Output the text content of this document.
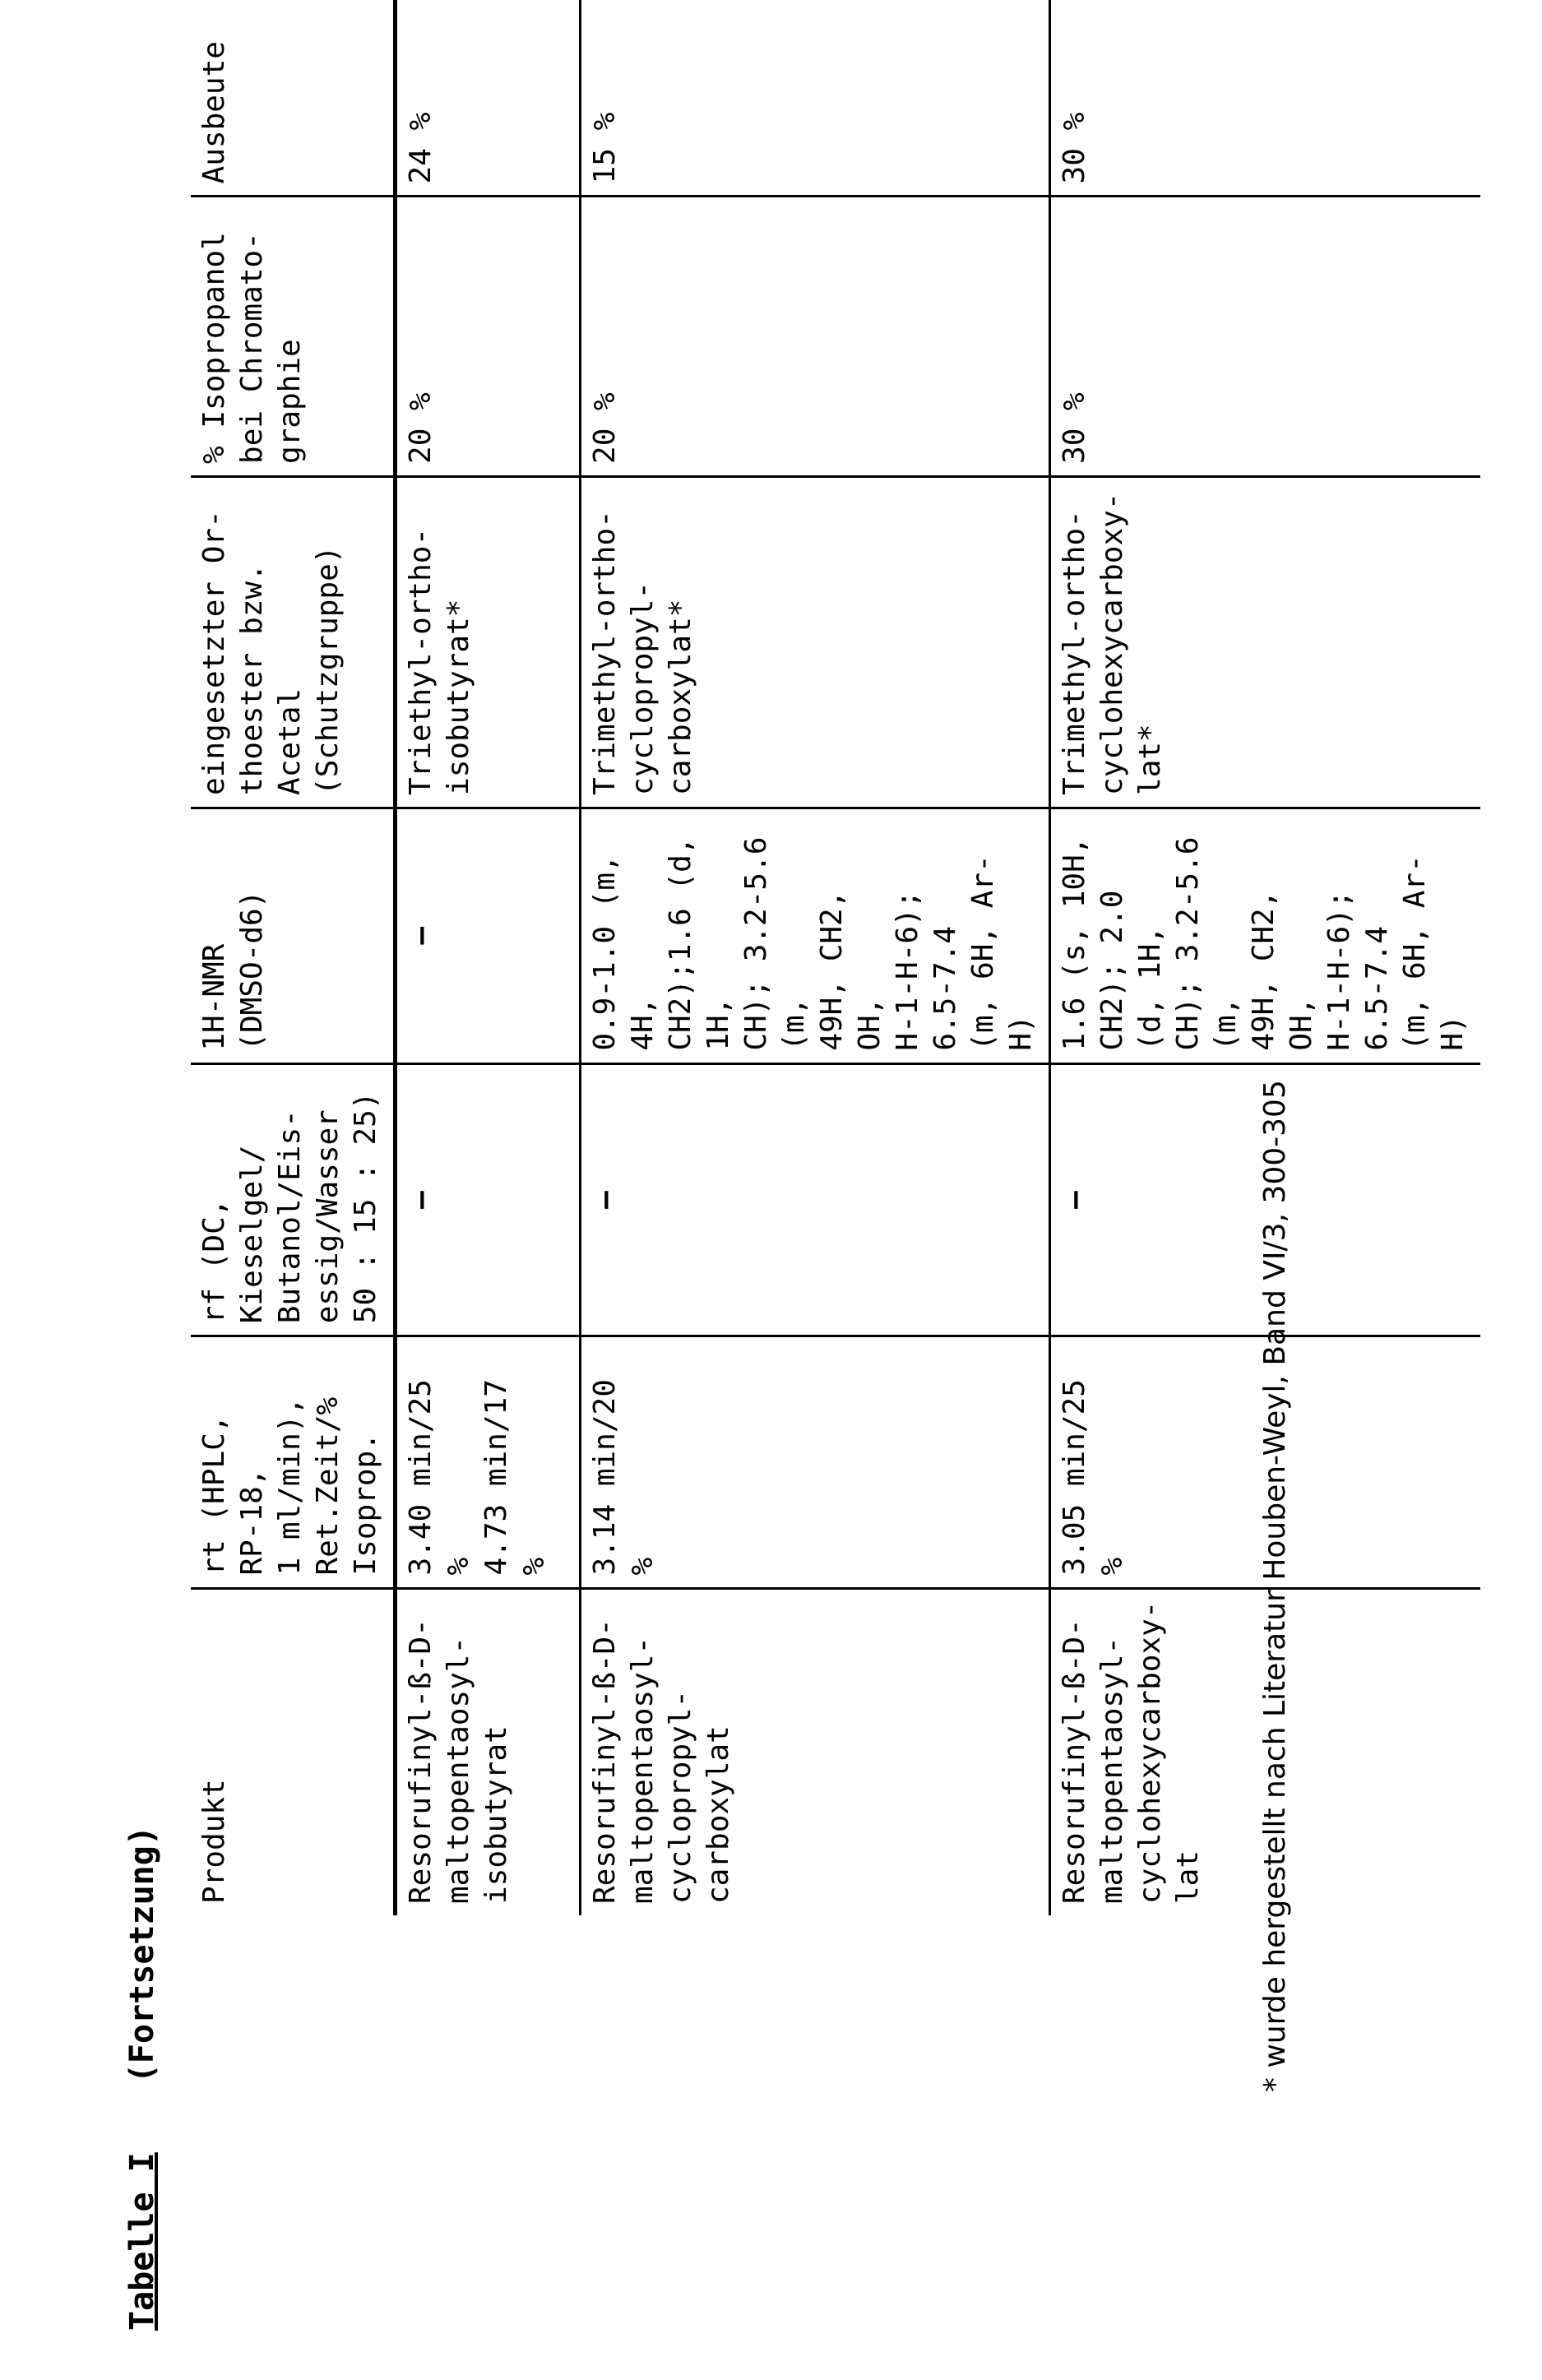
Tabelle I (Fortsetzung) Produkt	rt (HPLC, RP-18,
1 ml/min),
Ret.Zeit/% Isoprop.	rf (DC,
Kieselgel/
Butanol/Eis-
essig/Wasser
50 : 15 : 25)	1H-NMR
(DMSO-d6)	eingesetzter Or-
thoester bzw.
Acetal
(Schutzgruppe)	% Isopropanol
bei Chromato-
graphie	Ausbeute
Resorufinyl-ß-D-
maltopentaosyl-
isobutyrat	3.40 min/25 %
4.73 min/17 %	—	—	Triethyl-ortho-
isobutyrat*	20 %	24 %
Resorufinyl-ß-D-
maltopentaosyl-
cyclopropyl-
carboxylat	3.14 min/20 %	—	0.9-1.0 (m, 4H,
CH2);1.6 (d, 1H,
CH); 3.2-5.6 (m,
49H, CH2, OH,
H-1-H-6); 6.5-7.4
(m, 6H, Ar-H)	Trimethyl-ortho-
cyclopropyl-
carboxylat*	20 %	15 %
Resorufinyl-ß-D-
maltopentaosyl-
cyclohexycarboxy-
lat	3.05 min/25 %	—	1.6 (s, 10H,
CH2); 2.0 (d, 1H,
CH); 3.2-5.6 (m,
49H, CH2, OH,
H-1-H-6); 6.5-7.4
(m, 6H, Ar-H)	Trimethyl-ortho-
cyclohexycarboxy-
lat*	30 %	30 %
* wurde hergestellt nach Literatur Houben-Weyl, Band VI/3, 300-305
